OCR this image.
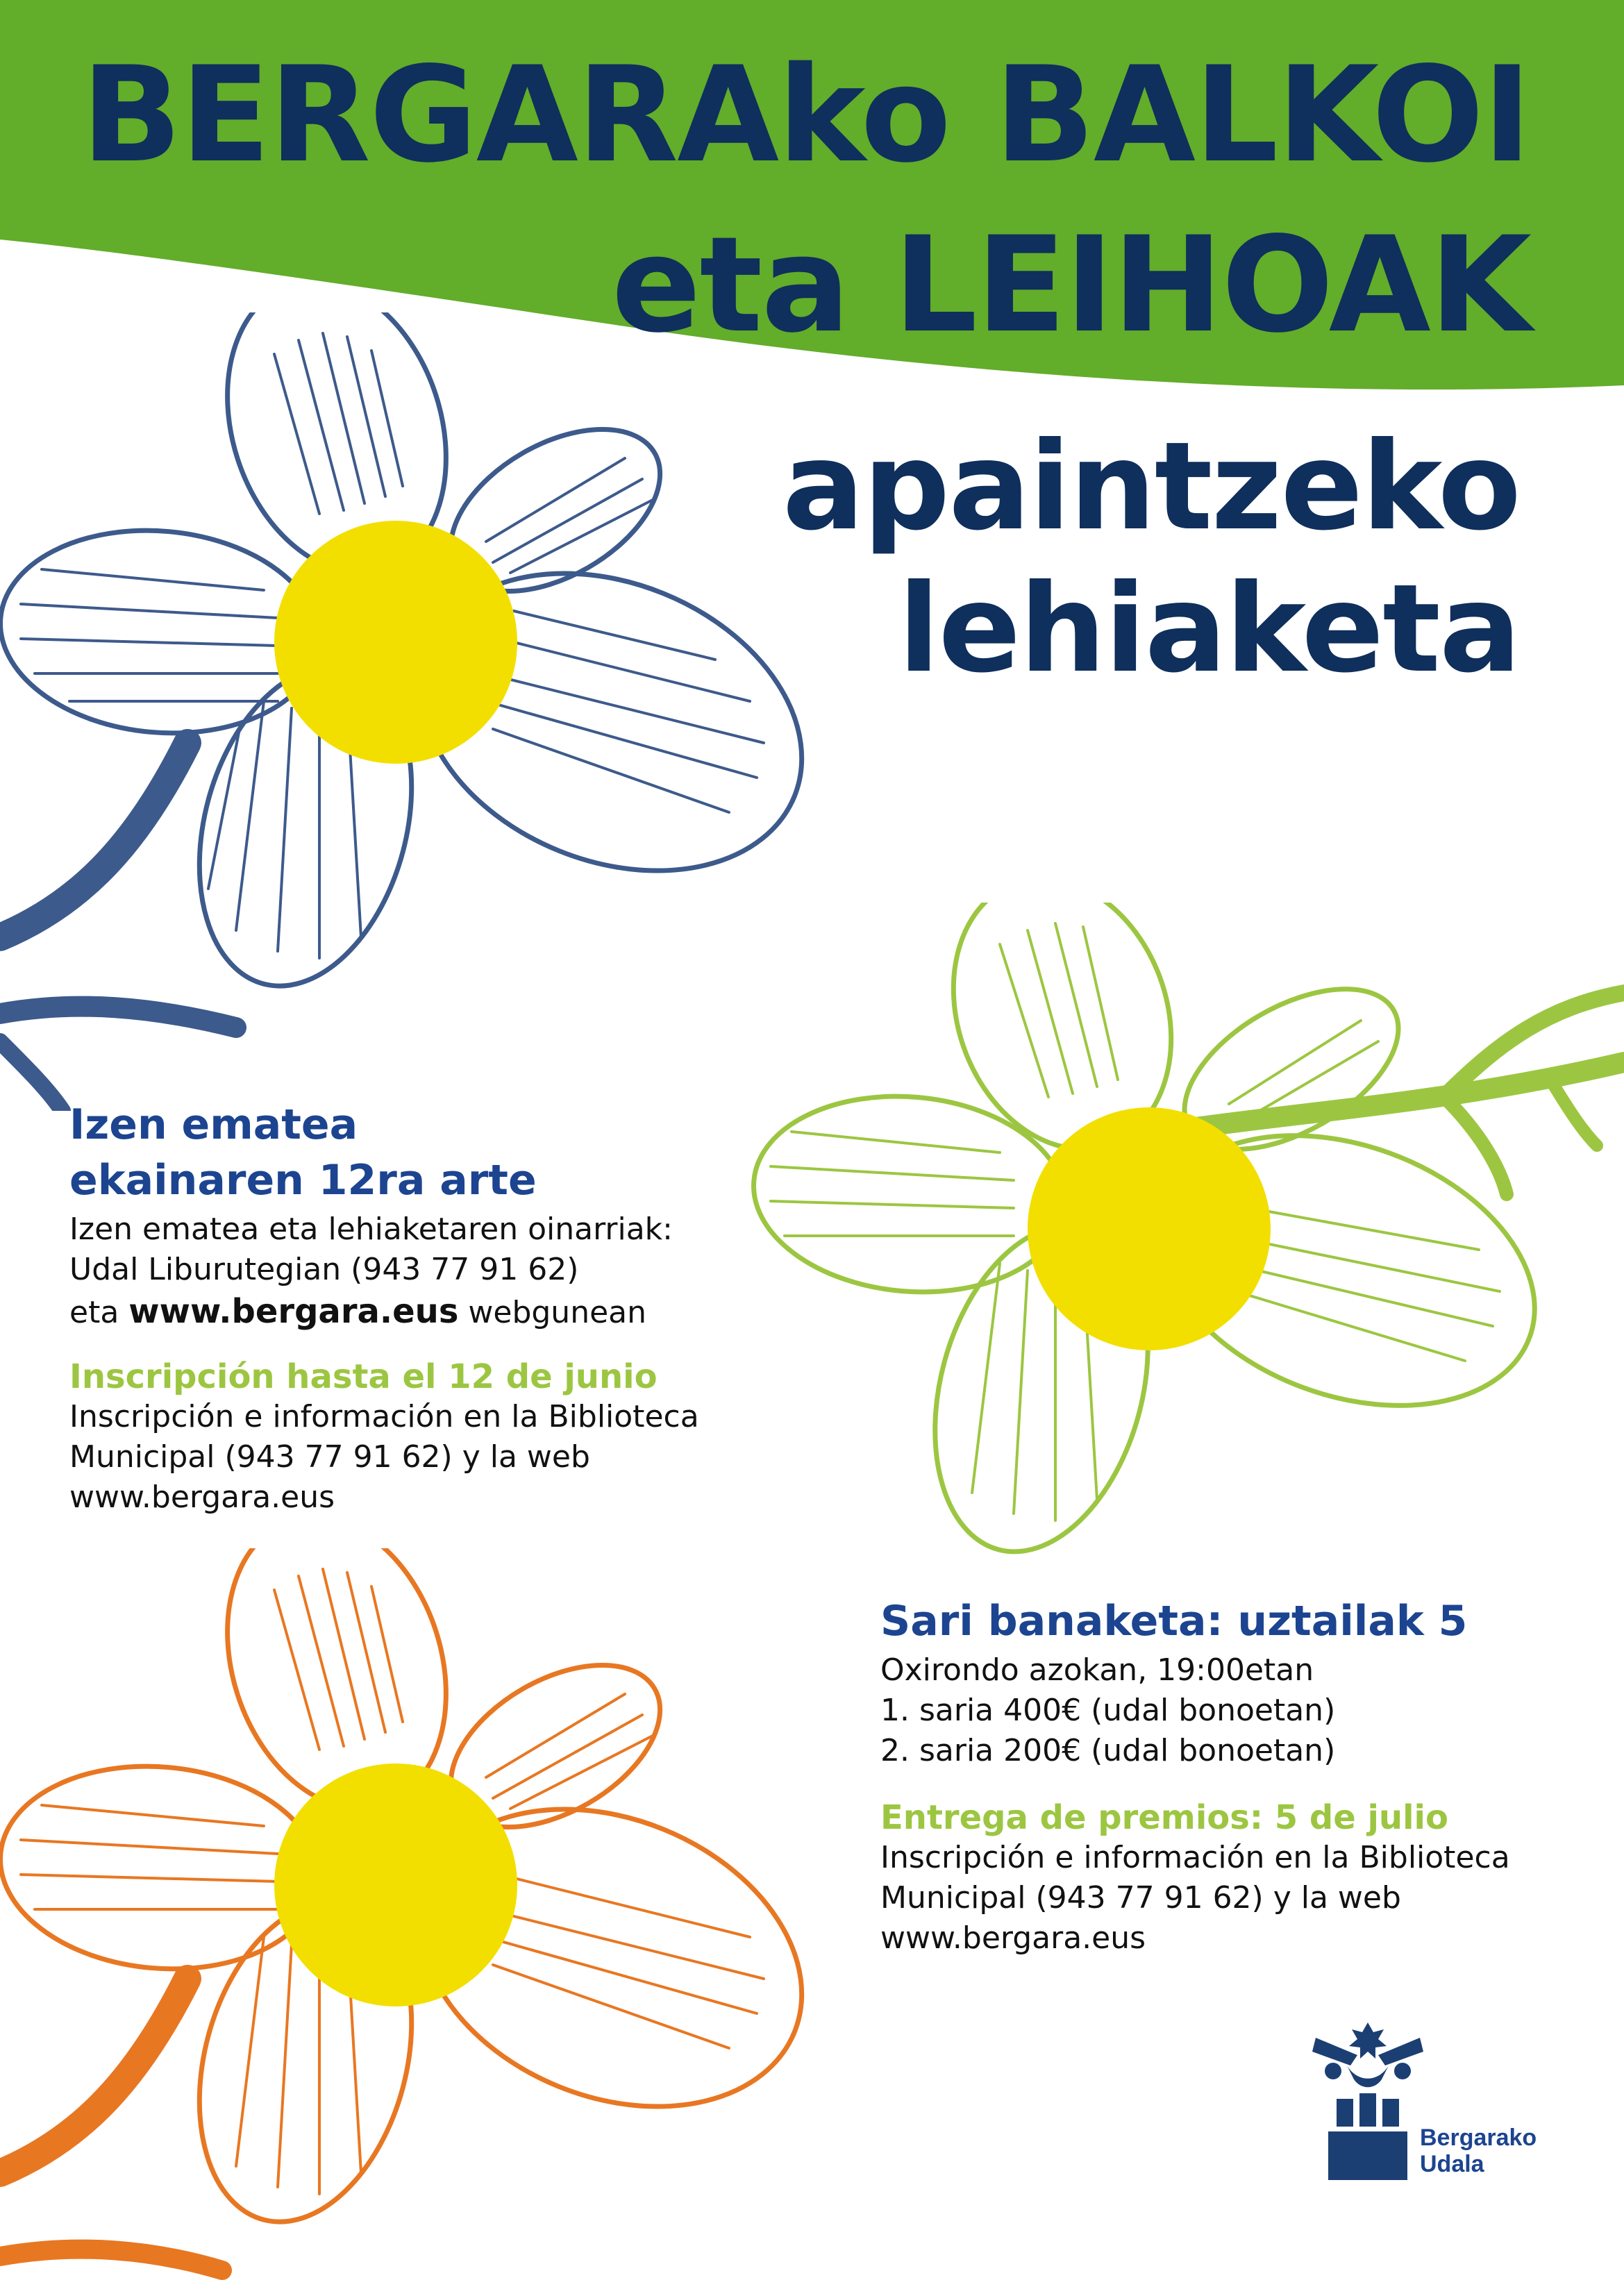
BERGARAko BALKOI
eta LEIHOAK
apaintzeko
lehiaketa
Izen ematea
ekainaren 12ra arte
Izen ematea eta lehiaketaren oinarriak:
Udal Liburutegian (943 77 91 62)
eta www.bergara.eus webgunean
Inscripción hasta el 12 de junio
Inscripción e información en la Biblioteca
Municipal (943 77 91 62) y la web
www.bergara.eus
Sari banaketa: uztailak 5
Oxirondo azokan, 19:00etan
1. saria 400€ (udal bonoetan)
2. saria 200€ (udal bonoetan)
Entrega de premios: 5 de julio
Inscripción e información en la Biblioteca
Municipal (943 77 91 62) y la web
www.bergara.eus
Bergarako
Udala
